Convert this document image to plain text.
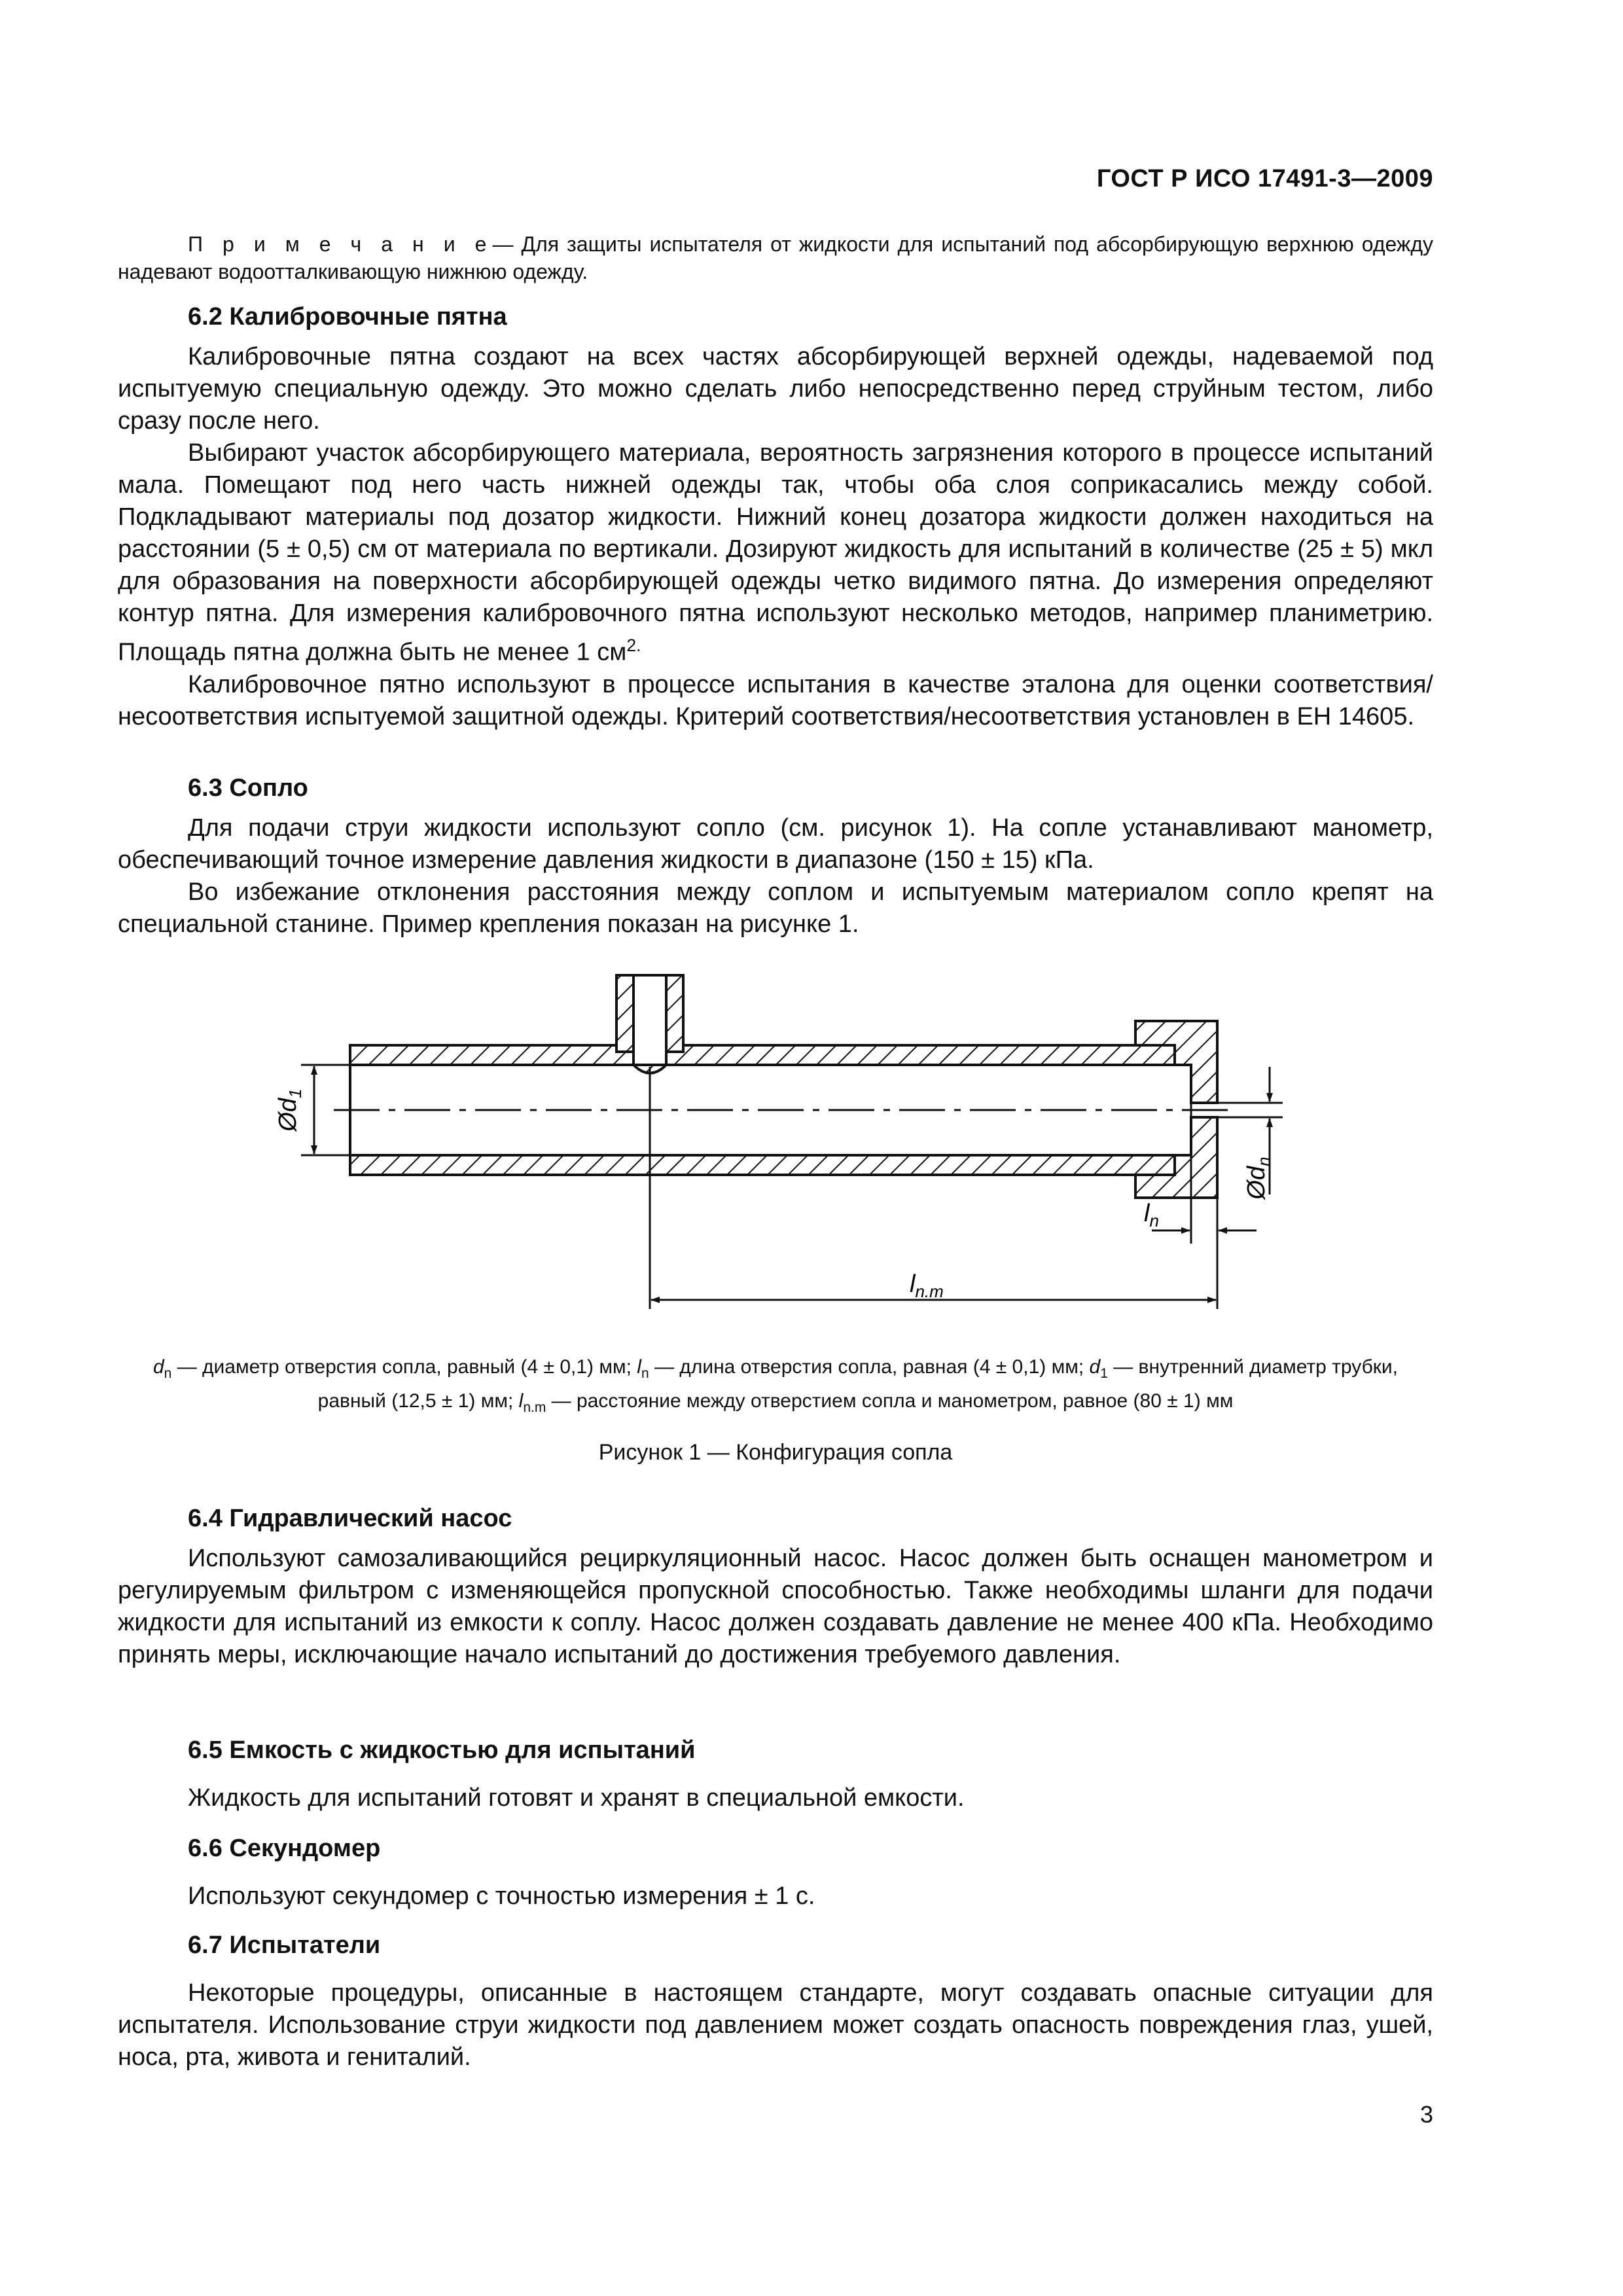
ГОСТ Р ИСО 17491-3—2009

П р и м е ч а н и е— Для защиты испытателя от жидкости для испытаний под абсорбирующую верхнюю одежду надевают водоотталкивающую нижнюю одежду.

6.2 Калибровочные пятна

Калибровочные пятна создают на всех частях абсорбирующей верхней одежды, надеваемой под испытуемую специальную одежду. Это можно сделать либо непосредственно перед струйным тестом, либо сразу после него.

Выбирают участок абсорбирующего материала, вероятность загрязнения которого в процессе испытаний мала. Помещают под него часть нижней одежды так, чтобы оба слоя соприкасались между собой. Подкладывают материалы под дозатор жидкости. Нижний конец дозатора жидкости должен находиться на расстоянии (5 ± 0,5) см от материала по вертикали. Дозируют жидкость для испытаний в количестве (25 ± 5) мкл для образования на поверхности абсорбирующей одежды четко видимого пятна. До измерения определяют контур пятна. Для измерения калибровочного пятна используют несколько методов, например планиметрию. Площадь пятна должна быть не менее 1 $см^{2.}$

Калибровочное пятно используют в процессе испытания в качестве эталона для оценки соответствия/несоответствия испытуемой защитной одежды. Критерий соответствия/несоответствия установлен в ЕН 14605.

6.3 Сопло

Для подачи струи жидкости используют сопло (см. рисунок 1). На сопле устанавливают манометр, обеспечивающий точное измерение давления жидкости в диапазоне (150 ± 15) кПа.

Во избежание отклонения расстояния между соплом и испытуемым материалом сопло крепят на специальной станине. Пример крепления показан на рисунке 1.

$Ød_1$
$Ød_n$
$l_n$
$l_{n.m}$
$d_n$ — диаметр отверстия сопла, равный (4 ± 0,1) мм; $l_n$ — длина отверстия сопла, равная (4 ± 0,1) мм; $d_1$ — внутренний диаметр трубки, равный (12,5 ± 1) мм; $l_{n.m}$ — расстояние между отверстием сопла и манометром, равное (80 ± 1) мм
Рисунок 1 — Конфигурация сопла
6.4 Гидравлический насос

Используют самозаливающийся рециркуляционный насос. Насос должен быть оснащен манометром и регулируемым фильтром с изменяющейся пропускной способностью. Также необходимы шланги для подачи жидкости для испытаний из емкости к соплу. Насос должен создавать давление не менее 400 кПа. Необходимо принять меры, исключающие начало испытаний до достижения требуемого давления.

6.5 Емкость с жидкостью для испытаний

Жидкость для испытаний готовят и хранят в специальной емкости.

6.6 Секундомер

Используют секундомер с точностью измерения ± 1 с.

6.7 Испытатели

Некоторые процедуры, описанные в настоящем стандарте, могут создавать опасные ситуации для испытателя. Использование струи жидкости под давлением может создать опасность повреждения глаз, ушей, носа, рта, живота и гениталий.

3
